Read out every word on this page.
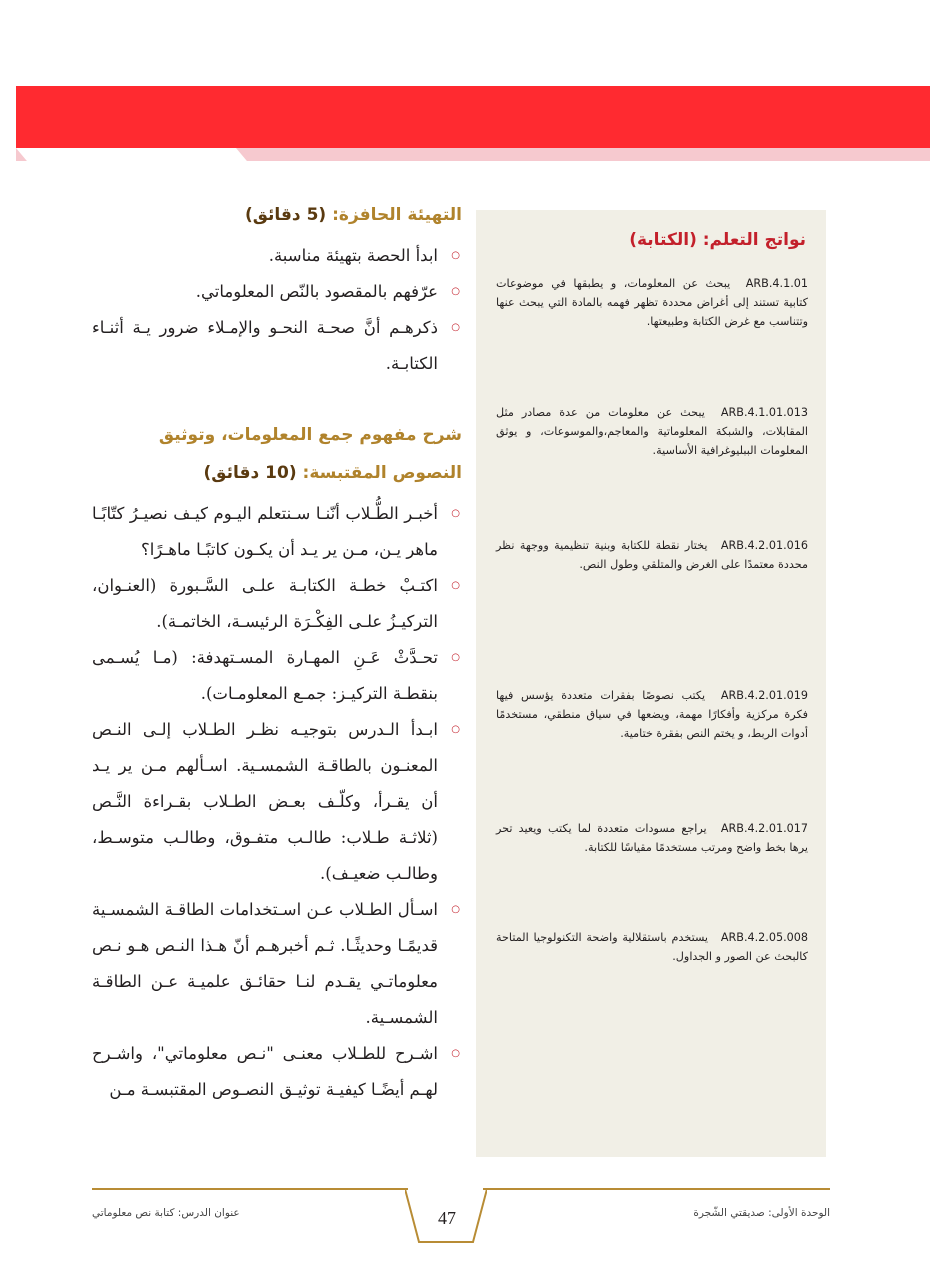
نواتج التعلم: (الكتابة)

ARB.4.1.01 يبحث عن المعلومات، و يطبقها في موضوعات كتابية تستند إلى أغراض محددة تظهر فهمه بالمادة التي يبحث عنها وتتناسب مع غرض الكتابة وطبيعتها.

ARB.4.1.01.013 يبحث عن معلومات من عدة مصادر مثل المقابلات، والشبكة المعلوماتية والمعاجم،والموسوعات، و يوثق المعلومات الببليوغرافية الأساسية.

ARB.4.2.01.016 يختار نقطة للكتابة وبنية تنظيمية ووجهة نظر محددة معتمدًا على الغرض والمتلقي وطول النص.

ARB.4.2.01.019 يكتب نصوصًا بفقرات متعددة يؤسس فيها فكرة مركزية وأفكارًا مهمة، ويضعها في سياق منطقي، مستخدمًا أدوات الربط، و يختم النص بفقرة ختامية.

ARB.4.2.01.017 يراجع مسودات متعددة لما يكتب ويعيد تحر يرها بخط واضح ومرتب مستخدمًا مقياسًا للكتابة.

ARB.4.2.05.008 يستخدم باستقلالية واضحة التكنولوجيا المتاحة كالبحث عن الصور و الجداول.

التهيئة الحافزة: (5 دقائق)
○
ابدأ الحصة بتهيئة مناسبة.
○
عرّفهم بالمقصود بالنّص المعلوماتي.
○
ذكرهـم أنَّ صحـة النحـو والإمـلاء ضرور يـة أثنـاء الكتابـة.
شرح مفهوم جمع المعلومات، وتوثيق النصوص المقتبسة: (10 دقائق)
○
أخبـر الطُّـلاب أنّنـا سـنتعلم اليـوم كيـف نصيـرُ كتّابًـا ماهر يـن، مـن ير يـد أن يكـون كاتبًـا ماهـرًا؟
○
اكتـبْ خطـة الكتابـة علـى السَّـبورة (العنـوان، التركيـزُ علـى الفِكْـرَة الرئيسـة، الخاتمـة).
○
تحـدَّثْ عَـنِ المهـارة المسـتهدفة: (مـا يُسـمى بنقطـة التركيـز: جمـع المعلومـات).
○
ابـدأ الـدرس بتوجيـه نظـر الطـلاب إلـى النـص المعنـون بالطاقـة الشمسـية. اسـألهم مـن ير يـد أن يقـرأ، وكلّـف بعـض الطـلاب بقـراءة النَّـص (ثلاثـة طـلاب: طالـب متفـوق، وطالـب متوسـط، وطالـب ضعيـف).
○
اسـأل الطـلاب عـن اسـتخدامات الطاقـة الشمسـية قديمًـا وحديثًـا. ثـم أخبرهـم أنّ هـذا النـص هـو نـص معلوماتـي يقـدم لنـا حقائـق علميـة عـن الطاقـة الشمسـية.
○
اشـرح للطـلاب معنـى "نـص معلوماتي"، واشـرح لهـم أيضًـا كيفيـة توثيـق النصـوص المقتبسـة مـن

47	الوحدة الأولى: صديقتي الشّجرة

عنوان الدرس: كتابة نص معلوماتي
